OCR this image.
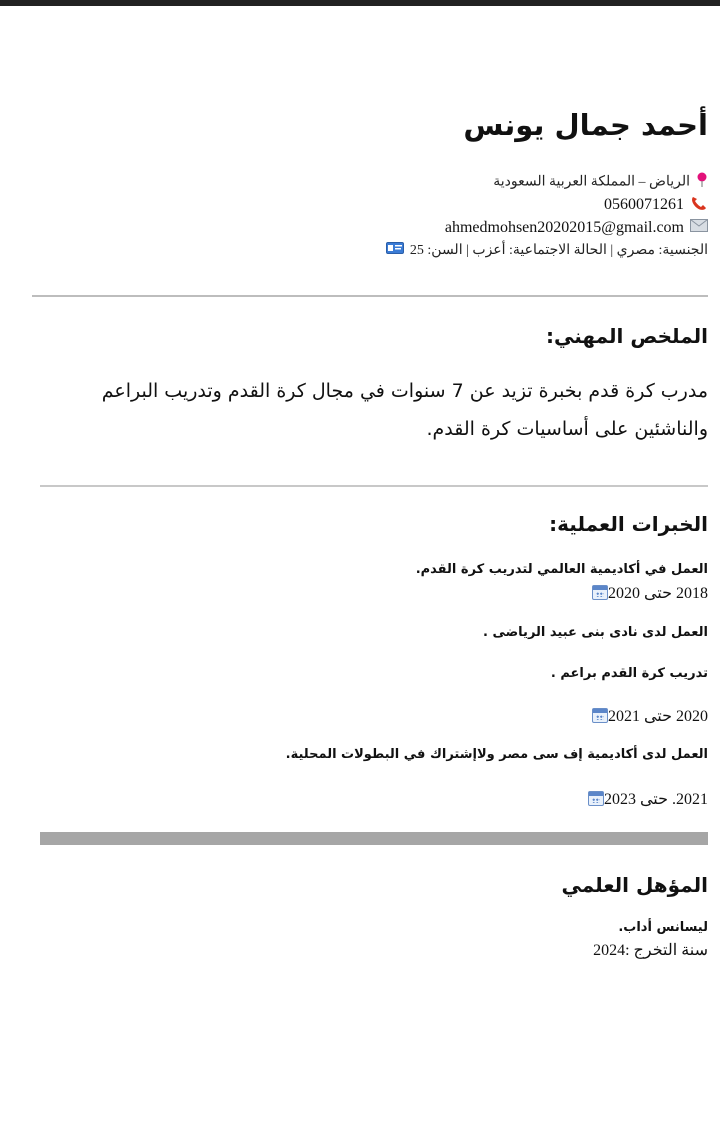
أحمد جمال يونس
الرياض – المملكة العربية السعودية
0560071261
ahmedmohsen20202015@gmail.com
الجنسية: مصري | الحالة الاجتماعية: أعزب | السن: 25
الملخص المهني:
مدرب كرة قدم بخبرة تزيد عن 7 سنوات في مجال كرة القدم وتدريب البراعم
والناشئين على أساسيات كرة القدم.
الخبرات العملية:
العمل في أكاديمية العالمي لتدريب كرة القدم.
2018 حتى 2020
العمل لدى نادى بنى عبيد الرياضى .
تدريب كرة القدم براعم .
2020 حتى 2021
العمل لدى أكاديمية إف سى مصر ولاإشتراك في البطولات المحلية.
2021. حتى 2023
المؤهل العلمي
ليسانس أداب.
سنة التخرج :2024
